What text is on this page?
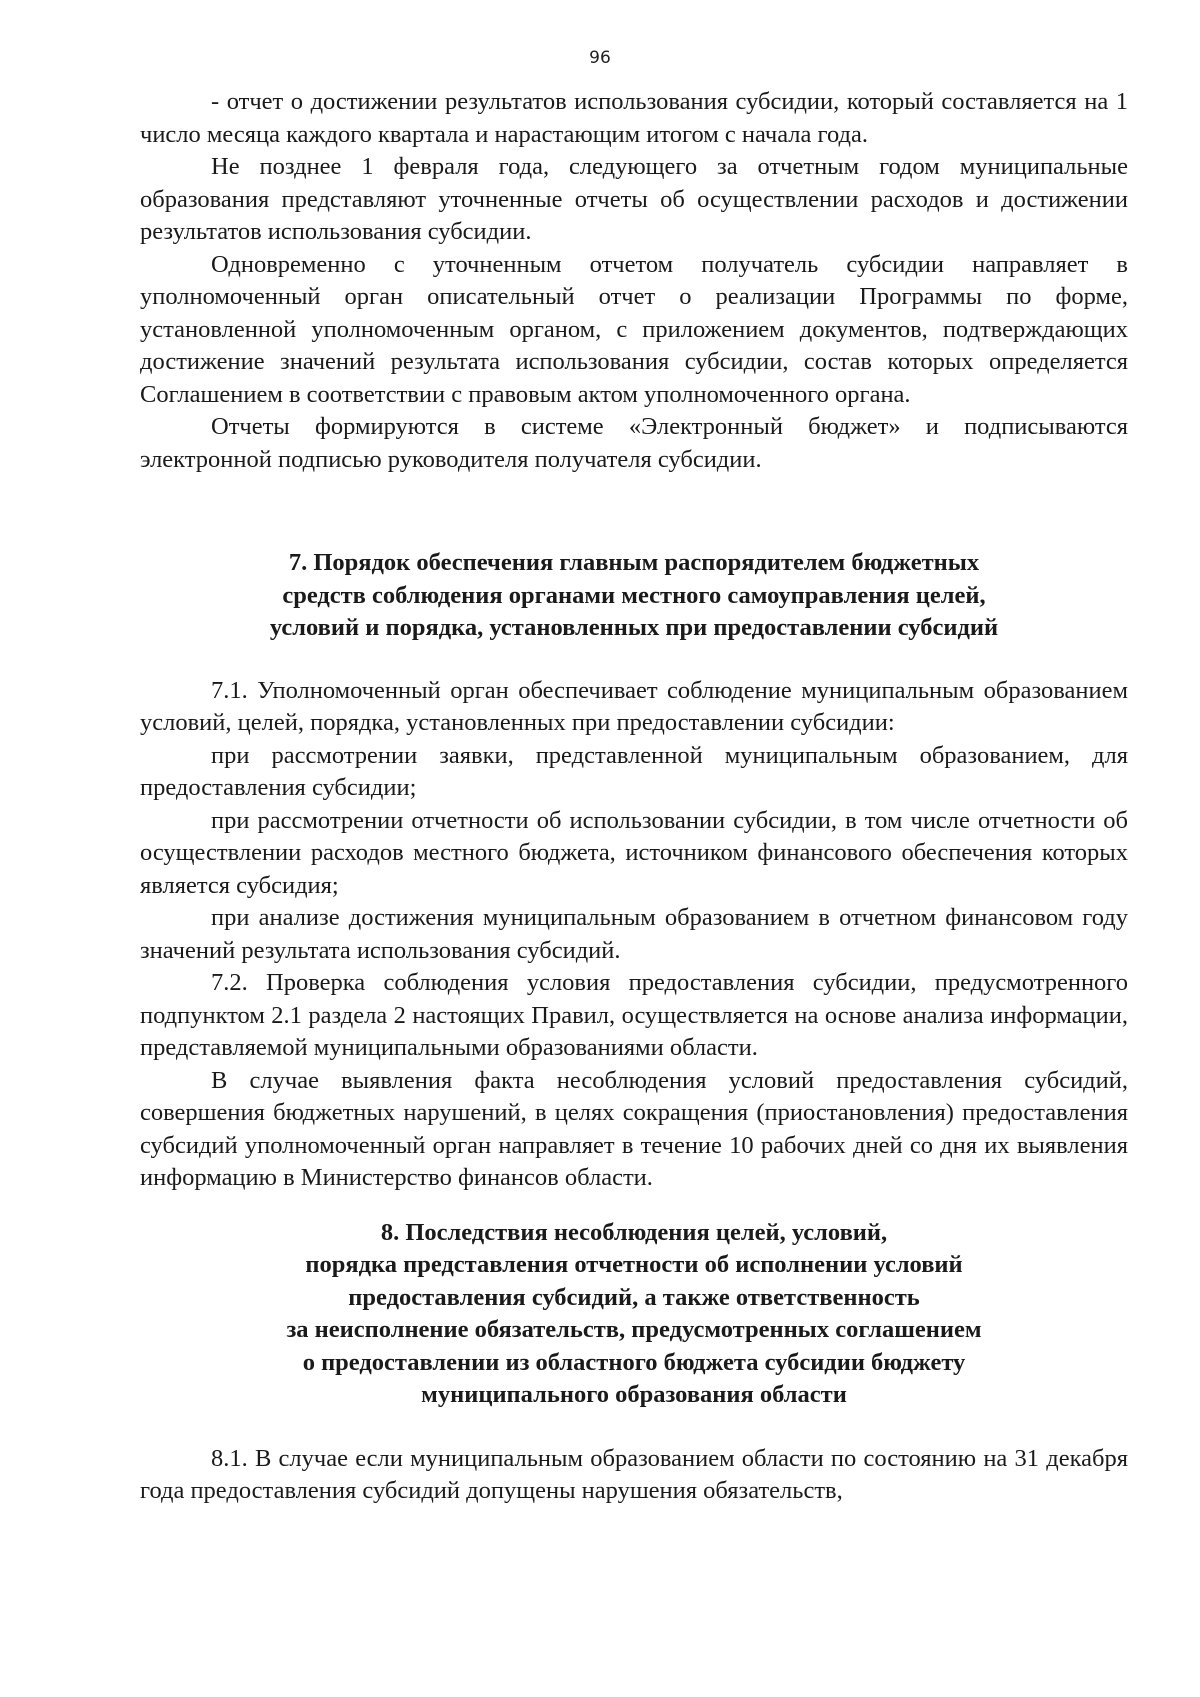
96

- отчет о достижении результатов использования субсидии, который составляется на 1 число месяца каждого квартала и нарастающим итогом с начала года.

Не позднее 1 февраля года, следующего за отчетным годом муниципальные образования представляют уточненные отчеты об осуществлении расходов и достижении результатов использования субсидии.

Одновременно с уточненным отчетом получатель субсидии направляет в уполномоченный орган описательный отчет о реализации Программы по форме, установленной уполномоченным органом, с приложением документов, подтверждающих достижение значений результата использования субсидии, состав которых определяется Соглашением в соответствии с правовым актом уполномоченного органа.

Отчеты формируются в системе «Электронный бюджет» и подписываются электронной подписью руководителя получателя субсидии.

7. Порядок обеспечения главным распорядителем бюджетных
средств соблюдения органами местного самоуправления целей,
условий и порядка, установленных при предоставлении субсидий

7.1. Уполномоченный орган обеспечивает соблюдение муниципальным образованием условий, целей, порядка, установленных при предоставлении субсидии:

при рассмотрении заявки, представленной муниципальным образованием, для предоставления субсидии;

при рассмотрении отчетности об использовании субсидии, в том числе отчетности об осуществлении расходов местного бюджета, источником финансового обеспечения которых является субсидия;

при анализе достижения муниципальным образованием в отчетном финансовом году значений результата использования субсидий.

7.2. Проверка соблюдения условия предоставления субсидии, предусмотренного подпунктом 2.1 раздела 2 настоящих Правил, осуществляется на основе анализа информации, представляемой муниципальными образованиями области.

В случае выявления факта несоблюдения условий предоставления субсидий, совершения бюджетных нарушений, в целях сокращения (приостановления) предоставления субсидий уполномоченный орган направляет в течение 10 рабочих дней со дня их выявления информацию в Министерство финансов области.

8. Последствия несоблюдения целей, условий,
порядка представления отчетности об исполнении условий
предоставления субсидий, а также ответственность
за неисполнение обязательств, предусмотренных соглашением
о предоставлении из областного бюджета субсидии бюджету
муниципального образования области

8.1. В случае если муниципальным образованием области по состоянию на 31 декабря года предоставления субсидий допущены нарушения обязательств,
